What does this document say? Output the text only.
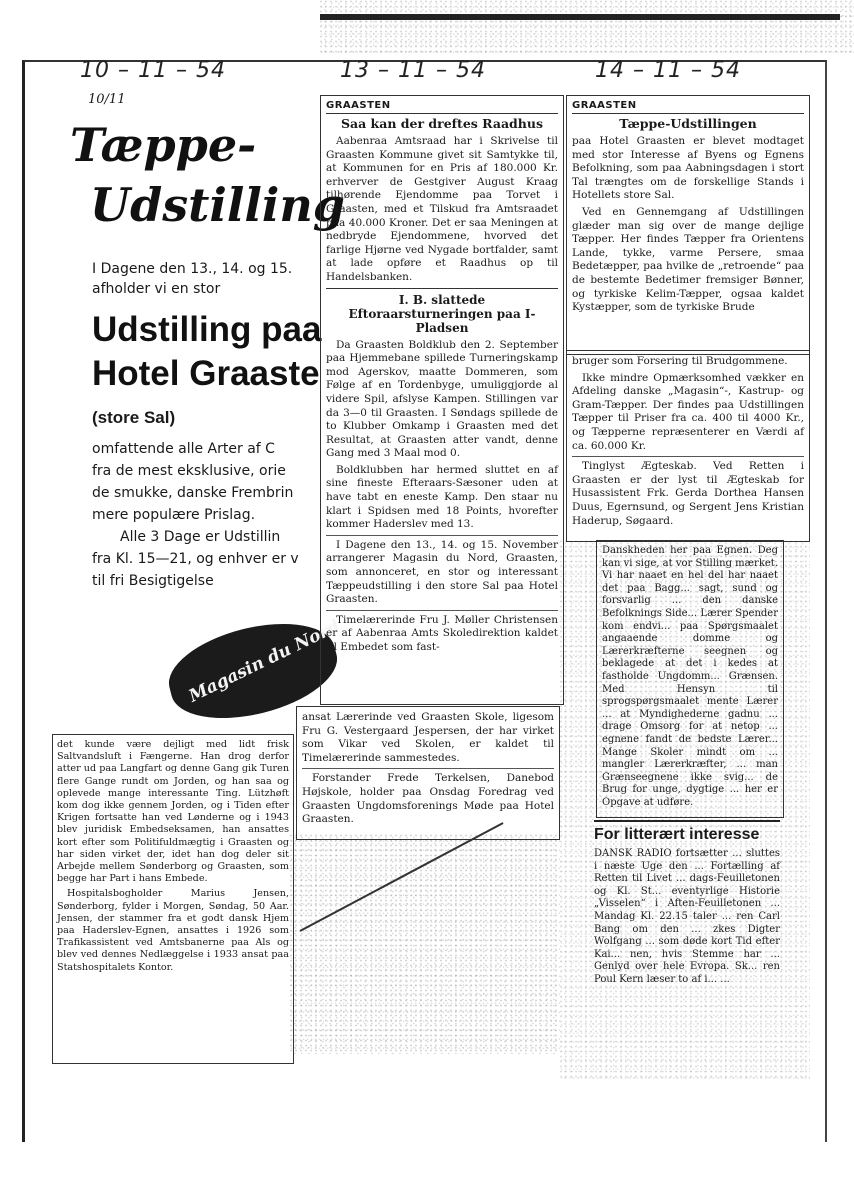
10 – 11 – 54	13 – 11 – 54	14 – 11 – 54
10/11
Tæppe-
Udstilling
I Dagene den 13., 14. og 15.
afholder vi en stor
Udstilling paa
Hotel Graaste
(store Sal)
omfattende alle Arter af C
fra de mest eksklusive, orie
de smukke, danske Frembrin
mere populære Prislag.
Alle 3 Dage er Udstillin
fra Kl. 15—21, og enhver er v
til fri Besigtigelse
Magasin du Nord

det kunde være dejligt med lidt frisk Saltvandsluft i Fængerne. Han drog derfor atter ud paa Langfart og denne Gang gik Turen flere Gange rundt om Jorden, og han saa og oplevede mange interessante Ting. Lützhøft kom dog ikke gennem Jorden, og i Tiden efter Krigen fortsatte han ved Lønderne og i 1943 blev juridisk Embedseksamen, han ansattes kort efter som Politifuldmægtig i Graasten og har siden virket der, idet han dog deler sit Arbejde mellem Sønderborg og Graasten, som begge har Part i hans Embede.

Hospitalsbogholder Marius Jensen, Sønderborg, fylder i Morgen, Søndag, 50 Aar. Jensen, der stammer fra et godt dansk Hjem paa Haderslev-Egnen, ansattes i 1926 som Trafikassistent ved Amtsbanerne paa Als og blev ved dennes Nedlæggelse i 1933 ansat paa Statshospitalets Kontor.

GRAASTEN
Saa kan der dreftes Raadhus

Aabenraa Amtsraad har i Skrivelse til Graasten Kommune givet sit Samtykke til, at Kommunen for en Pris af 180.000 Kr. erhverver de Gestgiver August Kraag tilhørende Ejendomme paa Torvet i Graasten, med et Tilskud fra Amtsraadet paa 40.000 Kroner. Det er saa Meningen at nedbryde Ejendommene, hvorved det farlige Hjørne ved Nygade bortfalder, samt at lade opføre et Raadhus op til Handelsbanken.

I. B. slattede Eftoraarsturneringen paa I-Pladsen

Da Graasten Boldklub den 2. September paa Hjemmebane spillede Turneringskamp mod Agerskov, maatte Dommeren, som Følge af en Tordenbyge, umuliggjorde al videre Spil, afslyse Kampen. Stillingen var da 3—0 til Graasten. I Søndags spillede de to Klubber Omkamp i Graasten med det Resultat, at Graasten atter vandt, denne Gang med 3 Maal mod 0.

Boldklubben har hermed sluttet en af sine fineste Efteraars-Sæsoner uden at have tabt en eneste Kamp. Den staar nu klart i Spidsen med 18 Points, hvorefter kommer Haderslev med 13.

I Dagene den 13., 14. og 15. November arrangerer Magasin du Nord, Graasten, som annonceret, en stor og interessant Tæppeudstilling i den store Sal paa Hotel Graasten.

Timelærerinde Fru J. Møller Christensen er af Aabenraa Amts Skoledirektion kaldet til Embedet som fast-

ansat Lærerinde ved Graasten Skole, ligesom Fru G. Vestergaard Jespersen, der har virket som Vikar ved Skolen, er kaldet til Timelærerinde sammestedes.

Forstander Frede Terkelsen, Danebod Højskole, holder paa Onsdag Foredrag ved Graasten Ungdomsforenings Møde paa Hotel Graasten.

GRAASTEN
Tæppe-Udstillingen

paa Hotel Graasten er blevet modtaget med stor Interesse af Byens og Egnens Befolkning, som paa Aabningsdagen i stort Tal trængtes om de forskellige Stands i Hotellets store Sal.

Ved en Gennemgang af Udstillingen glæder man sig over de mange dejlige Tæpper. Her findes Tæpper fra Orientens Lande, tykke, varme Persere, smaa Bedetæpper, paa hvilke de „retroende“ paa de bestemte Bedetimer fremsiger Bønner, og tyrkiske Kelim-Tæpper, ogsaa kaldet Kystæpper, som de tyrkiske Brude

bruger som Forsering til Brudgommene.

Ikke mindre Opmærksomhed vækker en Afdeling danske „Magasin“-, Kastrup- og Gram-Tæpper. Der findes paa Udstillingen Tæpper til Priser fra ca. 400 til 4000 Kr., og Tæpperne repræsenterer en Værdi af ca. 60.000 Kr.

Tinglyst Ægteskab. Ved Retten i Graasten er der lyst til Ægteskab for Husassistent Frk. Gerda Dorthea Hansen Duus, Egernsund, og Sergent Jens Kristian Haderup, Søgaard.

Danskheden her paa Egnen. Deg kan vi sige, at vor Stilling mærket. Vi har naaet en hel del har naaet det paa Bagg... sagt, sund og forsvarlig ... den danske Befolknings Side... Lærer Spender kom endvi... paa Spørgsmaalet angaaende domme og Lærerkræfterne seegnen og beklagede at det i kedes at fastholde Ungdomm... Grænsen. Med Hensyn til sprogspørgsmaalet mente Lærer ... at Myndighederne gadnu ... drage Omsorg for at netop ... egnene fandt de bedste Lærer... Mange Skoler mindt om ... mangler Lærerkræfter, ... man Grænseegnene ikke svig... de Brug for unge, dygtige ... her er Opgave at udføre.

For litterært interesse

DANSK RADIO fortsætter ... sluttes i næste Uge den ... Fortælling af Retten til Livet ... dags-Feuilletonen og Kl. St... eventyrlige Historie „Visselen“ i Aften-Feuilletonen ... Mandag Kl. 22.15 taler ... ren Carl Bang om den ... zkes Digter Wolfgang ... som døde kort Tid efter Kai... nen, hvis Stemme har ... Genlyd over hele Evropa. Sk... ren Poul Kern læser to af i... ...
